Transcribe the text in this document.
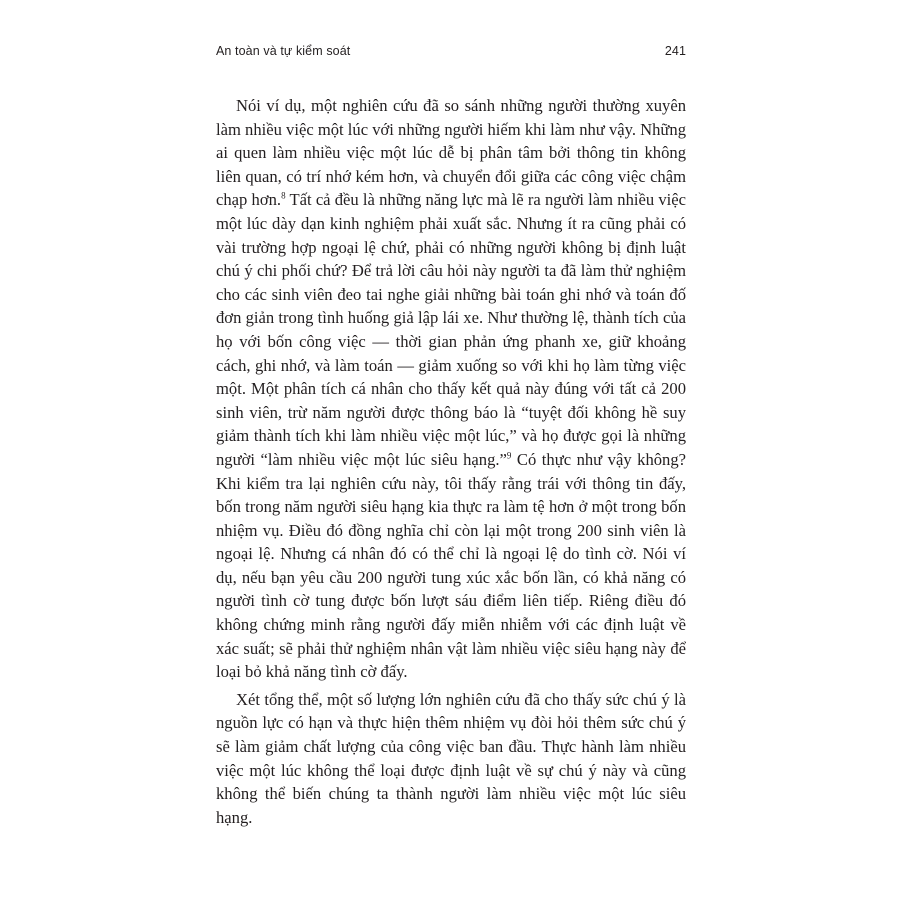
An toàn và tự kiểm soát	241

Nói ví dụ, một nghiên cứu đã so sánh những người thường xuyên làm nhiều việc một lúc với những người hiếm khi làm như vậy. Những ai quen làm nhiều việc một lúc dễ bị phân tâm bởi thông tin không liên quan, có trí nhớ kém hơn, và chuyển đổi giữa các công việc chậm chạp hơn.$^8$ Tất cả đều là những năng lực mà lẽ ra người làm nhiều việc một lúc dày dạn kinh nghiệm phải xuất sắc. Nhưng ít ra cũng phải có vài trường hợp ngoại lệ chứ, phải có những người không bị định luật chú ý chi phối chứ? Để trả lời câu hỏi này người ta đã làm thử nghiệm cho các sinh viên đeo tai nghe giải những bài toán ghi nhớ và toán đố đơn giản trong tình huống giả lập lái xe. Như thường lệ, thành tích của họ với bốn công việc — thời gian phản ứng phanh xe, giữ khoảng cách, ghi nhớ, và làm toán — giảm xuống so với khi họ làm từng việc một. Một phân tích cá nhân cho thấy kết quả này đúng với tất cả 200 sinh viên, trừ năm người được thông báo là “tuyệt đối không hề suy giảm thành tích khi làm nhiều việc một lúc,” và họ được gọi là những người “làm nhiều việc một lúc siêu hạng.”$^9$ Có thực như vậy không? Khi kiểm tra lại nghiên cứu này, tôi thấy rằng trái với thông tin đấy, bốn trong năm người siêu hạng kia thực ra làm tệ hơn ở một trong bốn nhiệm vụ. Điều đó đồng nghĩa chỉ còn lại một trong 200 sinh viên là ngoại lệ. Nhưng cá nhân đó có thể chỉ là ngoại lệ do tình cờ. Nói ví dụ, nếu bạn yêu cầu 200 người tung xúc xắc bốn lần, có khả năng có người tình cờ tung được bốn lượt sáu điểm liên tiếp. Riêng điều đó không chứng minh rằng người đấy miễn nhiễm với các định luật về xác suất; sẽ phải thử nghiệm nhân vật làm nhiều việc siêu hạng này để loại bỏ khả năng tình cờ đấy.

Xét tổng thể, một số lượng lớn nghiên cứu đã cho thấy sức chú ý là nguồn lực có hạn và thực hiện thêm nhiệm vụ đòi hỏi thêm sức chú ý sẽ làm giảm chất lượng của công việc ban đầu. Thực hành làm nhiều việc một lúc không thể loại được định luật về sự chú ý này và cũng không thể biến chúng ta thành người làm nhiều việc một lúc siêu hạng.
